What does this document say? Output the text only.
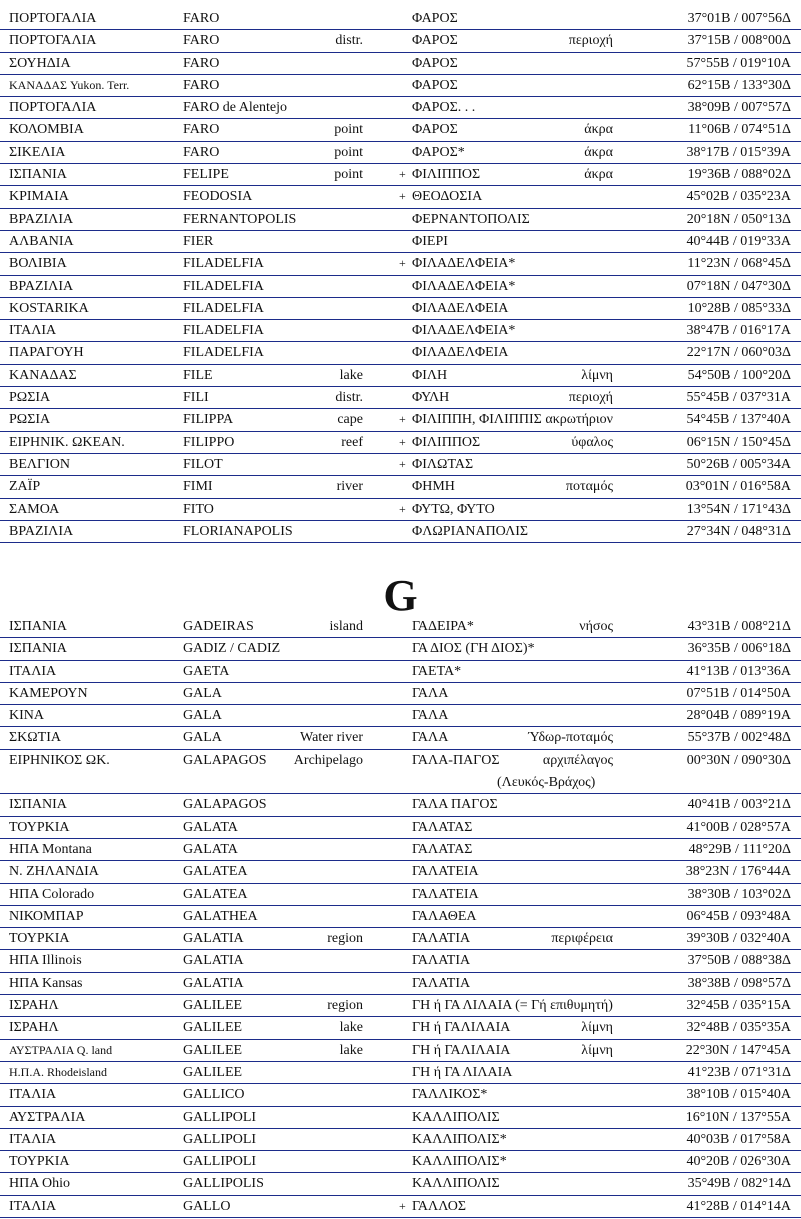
ΠΟΡΤΟΓΑΛΙΑ	FARO	ΦΑΡΟΣ	37°01Β / 007°56Δ
ΠΟΡΤΟΓΑΛΙΑ	FARO	distr.	ΦΑΡΟΣ	περιοχή	37°15Β / 008°00Δ
ΣΟΥΗΔΙΑ	FARO	ΦΑΡΟΣ	57°55Β / 019°10Α
ΚΑΝΑΔΑΣ Yukon. Terr.	FARO	ΦΑΡΟΣ	62°15Β / 133°30Δ
ΠΟΡΤΟΓΑΛΙΑ	FARO de Alentejo	ΦΑΡΟΣ. . .	38°09Β / 007°57Δ
ΚΟΛΟΜΒΙΑ	FARO	point	ΦΑΡΟΣ	άκρα	11°06Β / 074°51Δ
ΣΙΚΕΛΙΑ	FARO	point	ΦΑΡΟΣ*	άκρα	38°17Β / 015°39Α
ΙΣΠΑΝΙΑ	FELIPE	point	+ ΦΙΛΙΠΠΟΣ	άκρα	19°36Β / 088°02Δ
ΚΡΙΜΑΙΑ	FEODOSIA	+ ΘΕΟΔΟΣΙΑ	45°02Β / 035°23Α
ΒΡΑΖΙΛΙΑ	FERNANTOPOLIS	ΦΕΡΝΑΝΤΟΠΟΛΙΣ	20°18Ν / 050°13Δ
ΑΛΒΑΝΙΑ	FIER	ΦΙΕΡΙ	40°44Β / 019°33Α
ΒΟΛΙΒΙΑ	FILADELFIA	+ ΦΙΛΑΔΕΛΦΕΙΑ*	11°23Ν / 068°45Δ
ΒΡΑΖΙΛΙΑ	FILADELFIA	ΦΙΛΑΔΕΛΦΕΙΑ*	07°18Ν / 047°30Δ
KOSTARIKA	FILADELFIA	ΦΙΛΑΔΕΛΦΕΙΑ	10°28Β / 085°33Δ
ΙΤΑΛΙΑ	FILADELFIA	ΦΙΛΑΔΕΛΦΕΙΑ*	38°47Β / 016°17Α
ΠΑΡΑΓΟΥΗ	FILADELFIA	ΦΙΛΑΔΕΛΦΕΙΑ	22°17Ν / 060°03Δ
ΚΑΝΑΔΑΣ	FILE	lake	ΦΙΛΗ	λίμνη	54°50Β / 100°20Δ
ΡΩΣΙΑ	FILI	distr.	ΦΥΛΗ	περιοχή	55°45Β / 037°31Α
ΡΩΣΙΑ	FILIPPA	cape	+ ΦΙΛΙΠΠΗ, ΦΙΛΙΠΠΙΣ ακρωτήριον	54°45Β / 137°40Α
ΕΙΡΗΝΙΚ. ΩΚΕΑΝ.	FILIPPO	reef	+ ΦΙΛΙΠΠΟΣ	ύφαλος	06°15Ν / 150°45Δ
ΒΕΛΓΙΟΝ	FILOT	+ ΦΙΛΩΤΑΣ	50°26Β / 005°34Α
ΖΑΪΡ	FIMI	river	ΦΗΜΗ	ποταμός	03°01Ν / 016°58Α
ΣΑΜΟΑ	FITO	+ ΦΥΤΩ, ΦΥΤΟ	13°54Ν / 171°43Δ
ΒΡΑΖΙΛΙΑ	FLORIANAPOLIS	ΦΛΩΡΙΑΝΑΠΟΛΙΣ	27°34Ν / 048°31Δ
G
ΙΣΠΑΝΙΑ	GADEIRAS	island	ΓΑΔΕΙΡΑ*	νήσος	43°31Β / 008°21Δ
ΙΣΠΑΝΙΑ	GADIZ / CADIZ	ΓΑ ΔΙΟΣ (ΓΗ ΔΙΟΣ)*	36°35Β / 006°18Δ
ΙΤΑΛΙΑ	GAETA	ΓΑΕΤΑ*	41°13Β / 013°36Α
ΚΑΜΕΡΟΥΝ	GALA	ΓΑΛΑ	07°51Β / 014°50Α
ΚΙΝΑ	GALA	ΓΑΛΑ	28°04Β / 089°19Α
ΣΚΩΤΙΑ	GALA	Water river	ΓΑΛΑ	Ύδωρ-ποταμός	55°37Β / 002°48Δ
ΕΙΡΗΝΙΚΟΣ ΩΚ.	GALAPAGOS Archipelago	ΓΑΛΑ-ΠΑΓΟΣ	αρχιπέλαγος	00°30Ν / 090°30Δ
(Λευκός-Βράχος)
ΙΣΠΑΝΙΑ	GALAPAGOS	ΓΑΛΑ ΠΑΓΟΣ	40°41Β / 003°21Δ
ΤΟΥΡΚΙΑ	GALATA	ΓΑΛΑΤΑΣ	41°00Β / 028°57Α
ΗΠΑ Montana	GALATA	ΓΑΛΑΤΑΣ	48°29Β / 111°20Δ
Ν. ΖΗΛΑΝΔΙΑ	GALATEA	ΓΑΛΑΤΕΙΑ	38°23Ν / 176°44Α
ΗΠΑ Colorado	GALATEA	ΓΑΛΑΤΕΙΑ	38°30Β / 103°02Δ
ΝΙΚΟΜΠΑΡ	GALATHEA	ΓΑΛΑΘΕΑ	06°45Β / 093°48Α
ΤΟΥΡΚΙΑ	GALATIA	region	ΓΑΛΑΤΙΑ	περιφέρεια	39°30Β / 032°40Α
ΗΠΑ Illinois	GALATIA	ΓΑΛΑΤΙΑ	37°50Β / 088°38Δ
ΗΠΑ Kansas	GALATIA	ΓΑΛΑΤΙΑ	38°38Β / 098°57Δ
ΙΣΡΑΗΛ	GALILEE	region	ΓΗ ή ΓΑ ΛΙΛΑΙΑ (= Γή επιθυμητή)	32°45Β / 035°15Α
ΙΣΡΑΗΛ	GALILEE	lake	ΓΗ ή ΓΑΛΙΛΑΙΑ	λίμνη	32°48Β / 035°35Α
ΑΥΣΤΡΑΛΙΑ Q. land	GALILEE	lake	ΓΗ ή ΓΑΛΙΛΑΙΑ	λίμνη	22°30Ν / 147°45Α
Η.Π.Α. Rhodeisland	GALILEE	ΓΗ ή ΓΑ ΛΙΛΑΙΑ	41°23Β / 071°31Δ
ΙΤΑΛΙΑ	GALLICO	ΓΑΛΛΙΚΟΣ*	38°10Β / 015°40Α
ΑΥΣΤΡΑΛΙΑ	GALLIPOLI	ΚΑΛΛΙΠΟΛΙΣ	16°10Ν / 137°55Α
ΙΤΑΛΙΑ	GALLIPOLI	ΚΑΛΛΙΠΟΛΙΣ*	40°03Β / 017°58Α
ΤΟΥΡΚΙΑ	GALLIPOLI	ΚΑΛΛΙΠΟΛΙΣ*	40°20Β / 026°30Α
ΗΠΑ Ohio	GALLIPOLIS	ΚΑΛΛΙΠΟΛΙΣ	35°49Β / 082°14Δ
ΙΤΑΛΙΑ	GALLO	+ ΓΑΛΛΟΣ	41°28Β / 014°14Α
